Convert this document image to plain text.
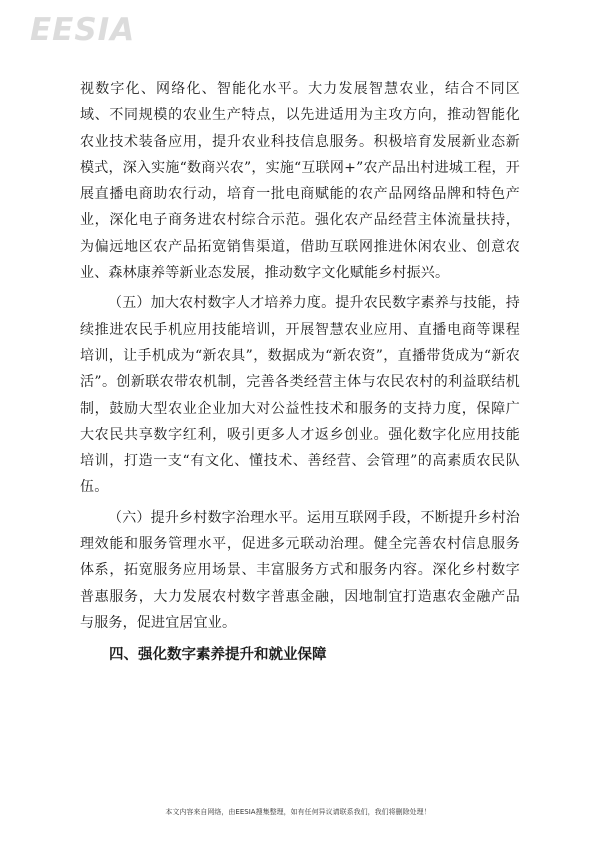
EESIA

视数字化、网络化、智能化水平。大力发展智慧农业，结合不同区域、不同规模的农业生产特点，以先进适用为主攻方向，推动智能化农业技术装备应用，提升农业科技信息服务。积极培育发展新业态新模式，深入实施“数商兴农”，实施“互联网+”农产品出村进城工程，开展直播电商助农行动，培育一批电商赋能的农产品网络品牌和特色产业，深化电子商务进农村综合示范。强化农产品经营主体流量扶持，为偏远地区农产品拓宽销售渠道，借助互联网推进休闲农业、创意农业、森林康养等新业态发展，推动数字文化赋能乡村振兴。

（五）加大农村数字人才培养力度。提升农民数字素养与技能，持续推进农民手机应用技能培训，开展智慧农业应用、直播电商等课程培训，让手机成为“新农具”，数据成为“新农资”，直播带货成为“新农活”。创新联农带农机制，完善各类经营主体与农民农村的利益联结机制，鼓励大型农业企业加大对公益性技术和服务的支持力度，保障广大农民共享数字红利，吸引更多人才返乡创业。强化数字化应用技能培训，打造一支“有文化、懂技术、善经营、会管理”的高素质农民队伍。

（六）提升乡村数字治理水平。运用互联网手段，不断提升乡村治理效能和服务管理水平，促进多元联动治理。健全完善农村信息服务体系，拓宽服务应用场景、丰富服务方式和服务内容。深化乡村数字普惠服务，大力发展农村数字普惠金融，因地制宜打造惠农金融产品与服务，促进宜居宜业。

四、强化数字素养提升和就业保障

本文内容来自网络，由EESIA搜集整理，如有任何异议请联系我们，我们将删除处理！
